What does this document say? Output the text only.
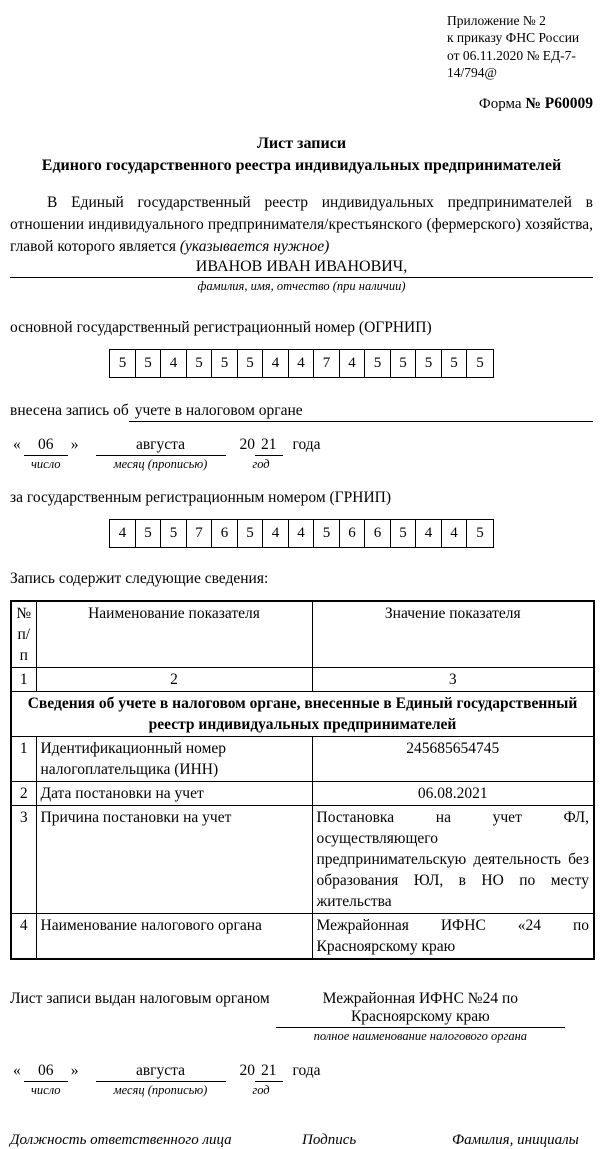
Приложение № 2
к приказу ФНС России
от 06.11.2020 № ЕД-7-14/794@
Форма № Р60009
Лист записи
Единого государственного реестра индивидуальных предпринимателей
В Единый государственный реестр индивидуальных предпринимателей в отношении индивидуального предпринимателя/крестьянского (фермерского) хозяйства, главой которого является (указывается нужное)
ИВАНОВ ИВАН ИВАНОВИЧ,
фамилия, имя, отчество (при наличии)
основной государственный регистрационный номер (ОГРНИП)
5	5	4	5	5	5	4	4	7	4	5	5	5	5	5
внесена запись об учете в налоговом органе
«	06
число
»	августа
месяц (прописью)
20 21
год
года
за государственным регистрационным номером (ГРНИП)
4	5	5	7	6	5	4	4	5	6	6	5	4	4	5
Запись содержит следующие сведения:
№ п/п	Наименование показателя	Значение показателя
1	2	3
Сведения об учете в налоговом органе, внесенные в Единый государственный реестр индивидуальных предпринимателей		
1	Идентификационный номер налогоплательщика (ИНН)	245685654745
2	Дата постановки на учет	06.08.2021
3	Причина постановки на учет	Постановка на учет ФЛ, осуществляющего предпринимательскую деятельность без образования ЮЛ, в НО по месту жительства
4	Наименование налогового органа	Межрайонная ИФНС «24 по Красноярскому краю
Лист записи выдан налоговым органом	Межрайонная ИФНС №24 по Красноярскому краю
полное наименование налогового органа
«	06
число
»	августа
месяц (прописью)
20 21
год
года
Должность ответственного лица	Подпись	Фамилия, инициалы
